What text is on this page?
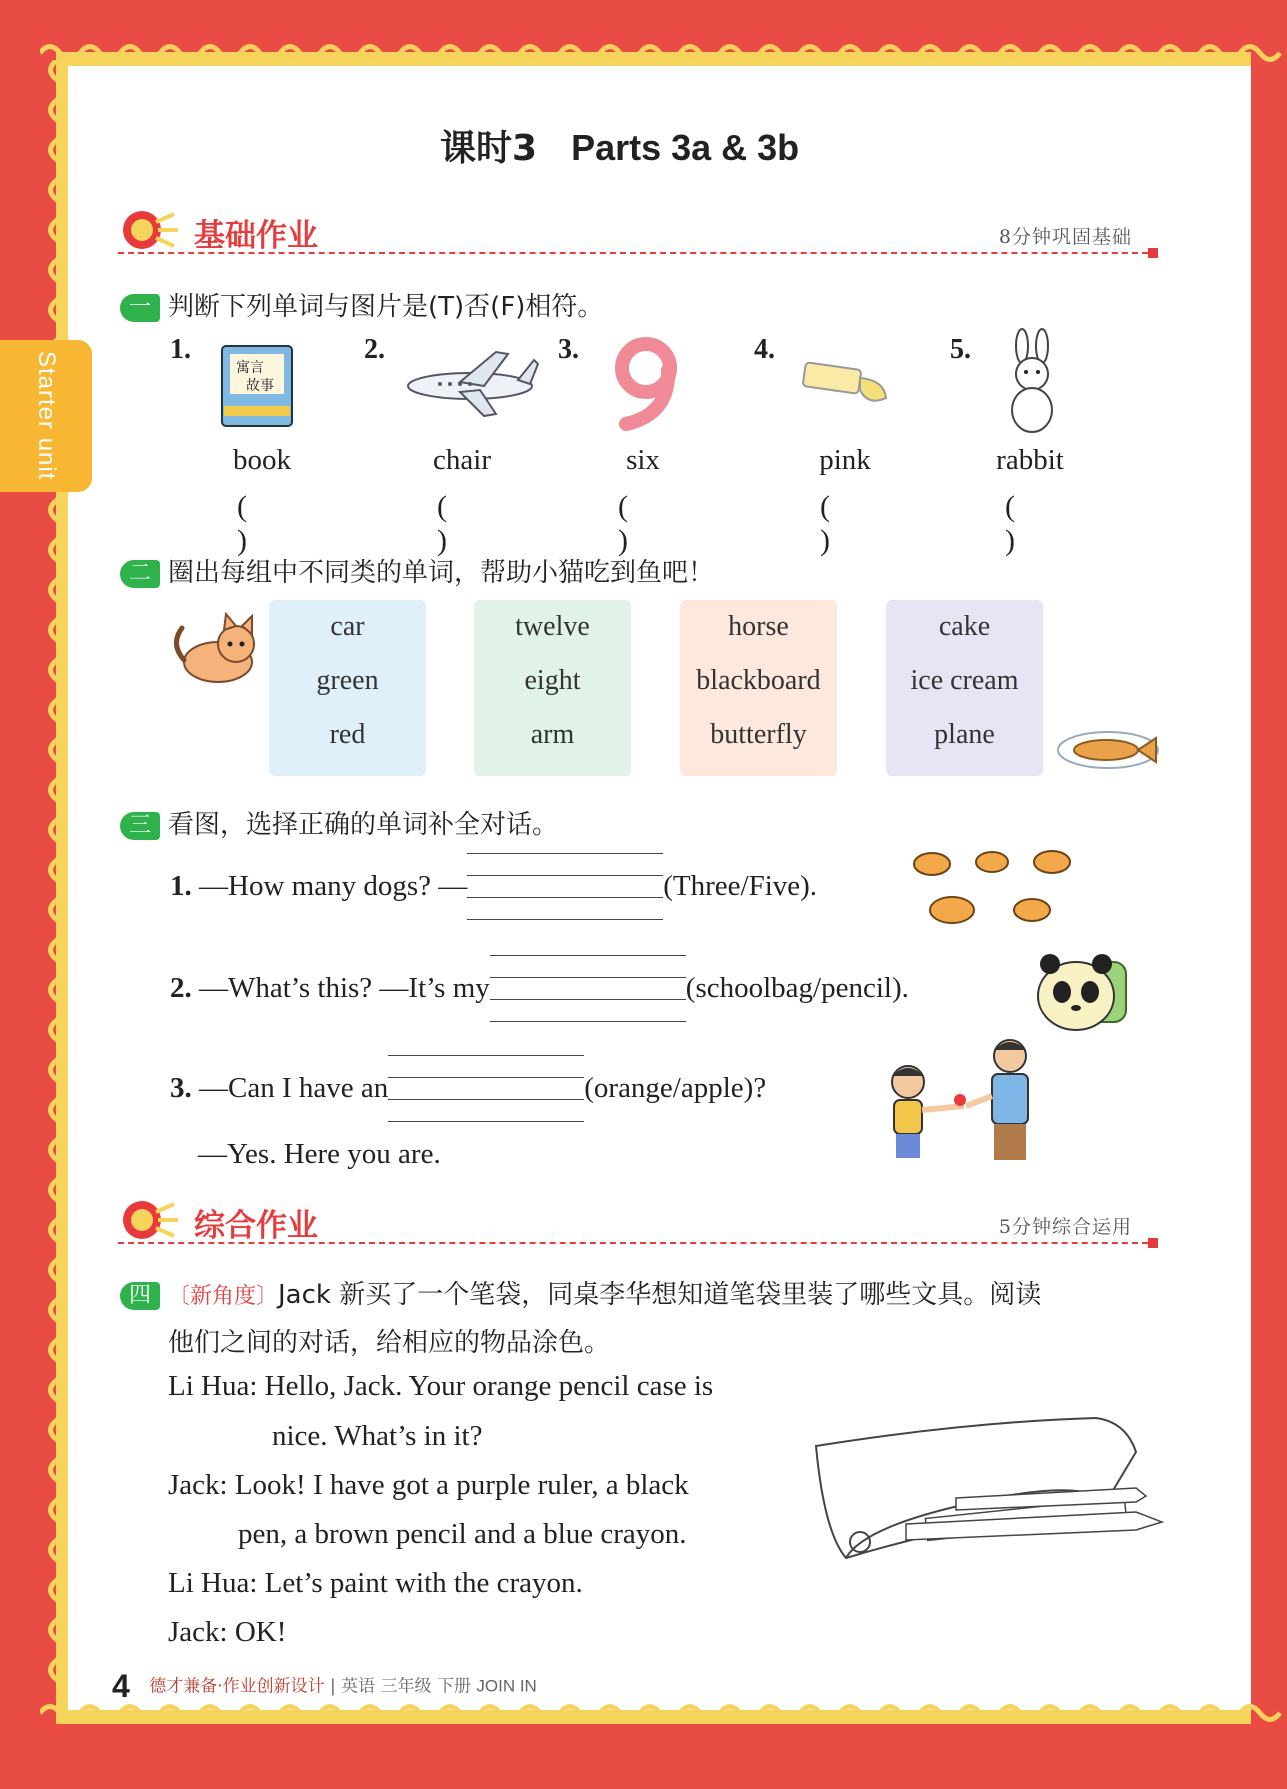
Starter unit
课时3 Parts 3a & 3b
基础作业	8分钟巩固基础
一 判断下列单词与图片是(T)否(F)相符。
1.
寓言
故事
book
( )
2.
chair
( )
3.
six
( )
4.
pink
( )
5.
rabbit
( )
二 圈出每组中不同类的单词，帮助小猫吃到鱼吧！
car
green
red
twelve
eight
arm
horse
blackboard
butterfly
cake
ice cream
plane
三 看图，选择正确的单词补全对话。
1. —How many dogs? —	(Three/Five).
2. —What’s this? —It’s my	(schoolbag/pencil).
3. —Can I have an	(orange/apple)?
—Yes. Here you are.
综合作业	5分钟综合运用
四 〔新角度〕Jack 新买了一个笔袋，同桌李华想知道笔袋里装了哪些文具。阅读
他们之间的对话，给相应的物品涂色。
Li Hua: Hello, Jack. Your orange pencil case is
nice. What’s in it?
Jack: Look! I have got a purple ruler, a black
pen, a brown pencil and a blue crayon.
Li Hua: Let’s paint with the crayon.
Jack: OK!
4 德才兼备·作业创新设计 | 英语 三年级 下册 JOIN IN
